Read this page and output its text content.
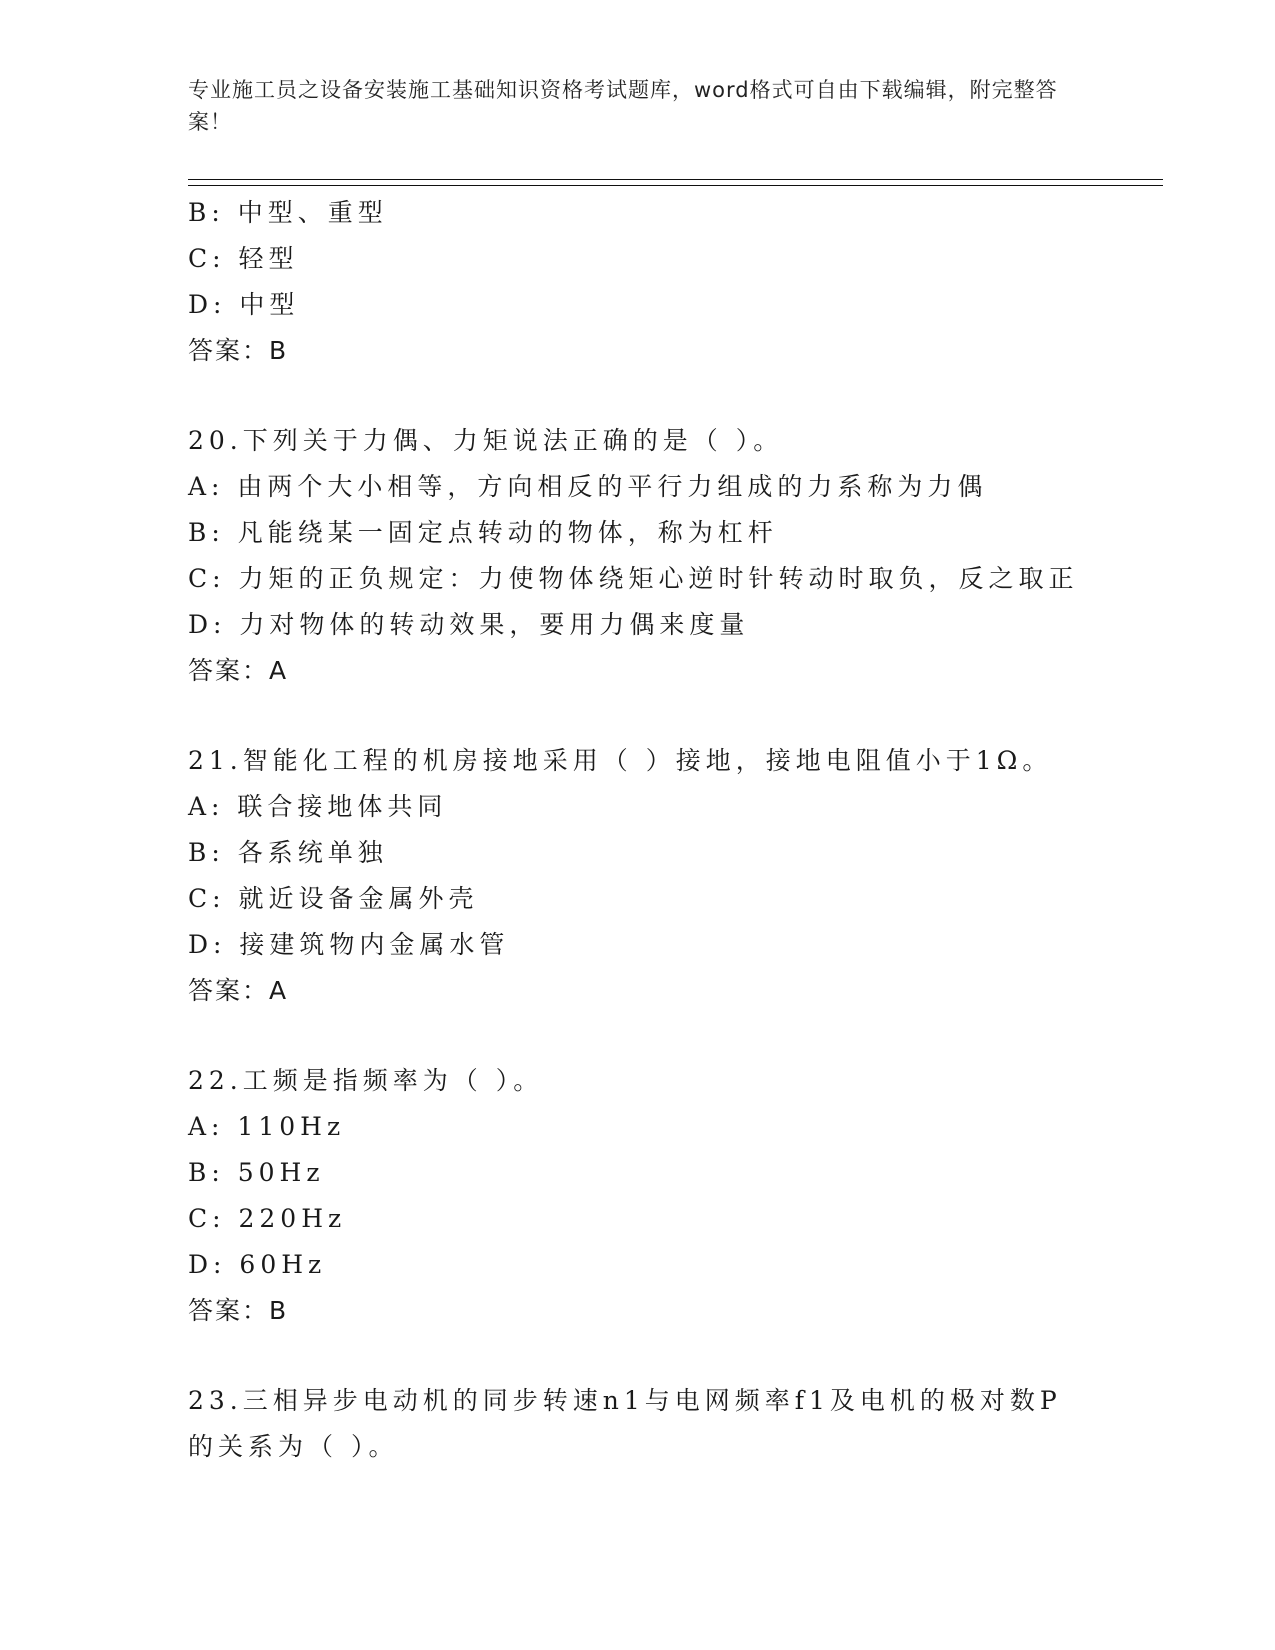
专业施工员之设备安装施工基础知识资格考试题库，word格式可自由下载编辑，附完整答案！
B: 中型、重型
C: 轻型
D: 中型
答案：B
20.下列关于力偶、力矩说法正确的是（ ）。
A: 由两个大小相等，方向相反的平行力组成的力系称为力偶
B: 凡能绕某一固定点转动的物体，称为杠杆
C: 力矩的正负规定：力使物体绕矩心逆时针转动时取负，反之取正
D: 力对物体的转动效果，要用力偶来度量
答案：A
21.智能化工程的机房接地采用（ ）接地，接地电阻值小于1Ω。
A: 联合接地体共同
B: 各系统单独
C: 就近设备金属外壳
D: 接建筑物内金属水管
答案：A
22.工频是指频率为（ ）。
A: 110Hz
B: 50Hz
C: 220Hz
D: 60Hz
答案：B
23.三相异步电动机的同步转速n1与电网频率f1及电机的极对数P的关系为（ ）。
